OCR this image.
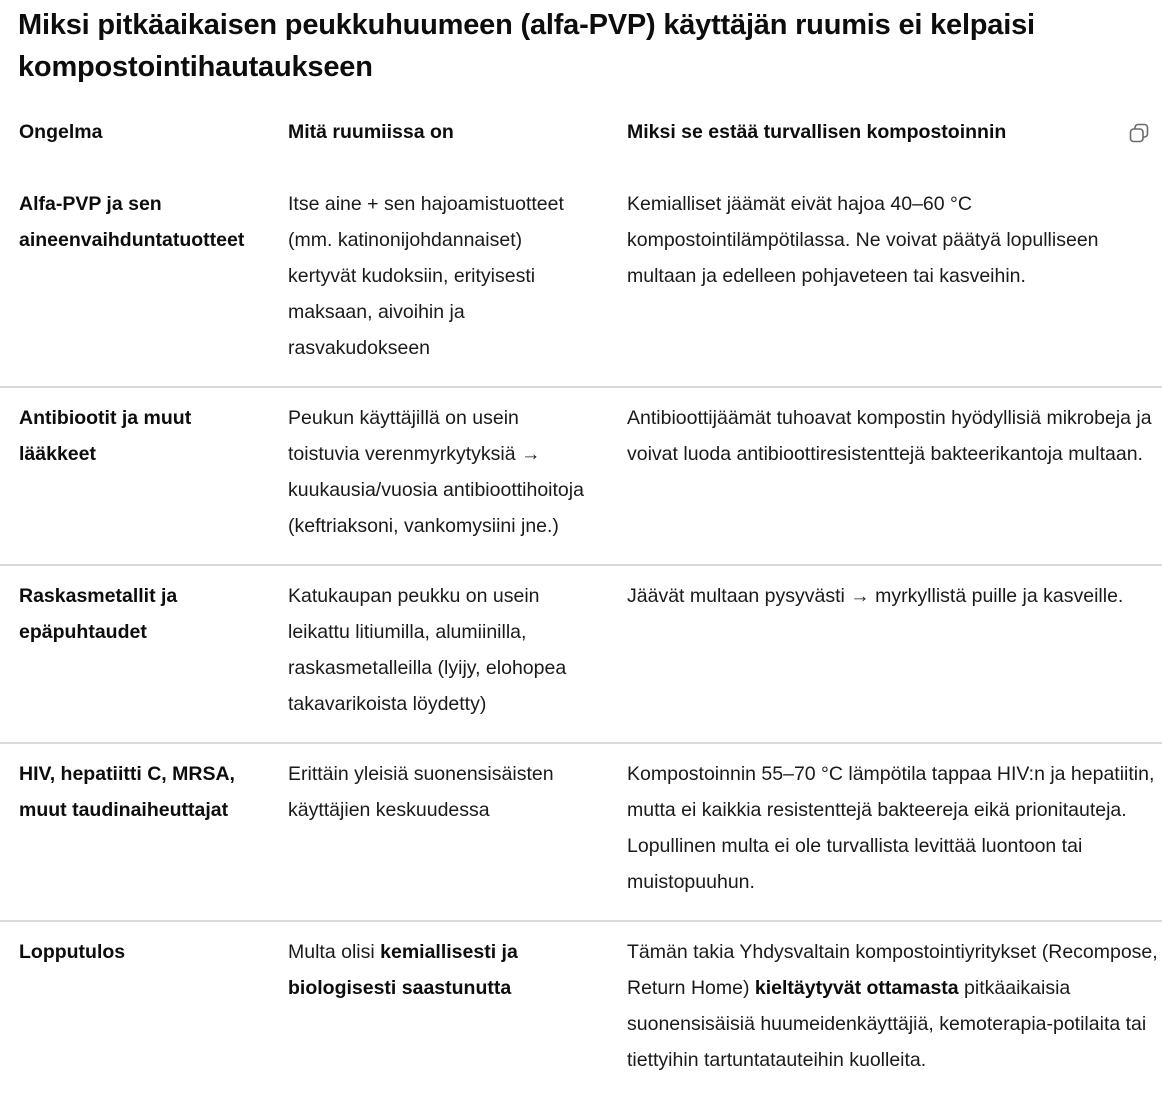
Miksi pitkäaikaisen peukkuhuumeen (alfa-PVP) käyttäjän ruumis ei kelpaisi kompostointihautaukseen
Ongelma	Mitä ruumiissa on	Miksi se estää turvallisen kompostoinnin
Alfa-PVP ja sen aineenvaihduntatuotteet	Itse aine + sen hajoamistuotteet (mm. katinonijohdannaiset) kertyvät kudoksiin, erityisesti maksaan, aivoihin ja rasvakudokseen	Kemialliset jäämät eivät hajoa 40–60 °C kompostointilämpötilassa. Ne voivat päätyä lopulliseen multaan ja edelleen pohjaveteen tai kasveihin.
Antibiootit ja muut lääkkeet	Peukun käyttäjillä on usein toistuvia verenmyrkytyksiä → kuukausia/vuosia antibioottihoitoja (keftriaksoni, vankomysiini jne.)	Antibioottijäämät tuhoavat kompostin hyödyllisiä mikrobeja ja voivat luoda antibioottiresistenttejä bakteerikantoja multaan.
Raskasmetallit ja epäpuhtaudet	Katukaupan peukku on usein leikattu litiumilla, alumiinilla, raskasmetalleilla (lyijy, elohopea takavarikoista löydetty)	Jäävät multaan pysyvästi → myrkyllistä puille ja kasveille.
HIV, hepatiitti C, MRSA, muut taudinaiheuttajat	Erittäin yleisiä suonensisäisten käyttäjien keskuudessa	Kompostoinnin 55–70 °C lämpötila tappaa HIV:n ja hepatiitin, mutta ei kaikkia resistenttejä bakteereja eikä prionitauteja. Lopullinen multa ei ole turvallista levittää luontoon tai muistopuuhun.
Lopputulos	Multa olisi kemiallisesti ja biologisesti saastunutta	Tämän takia Yhdysvaltain kompostointiyritykset (Recompose, Return Home) kieltäytyvät ottamasta pitkäaikaisia suonensisäisiä huumeidenkäyttäjiä, kemoterapia-potilaita tai tiettyihin tartuntatauteihin kuolleita.
